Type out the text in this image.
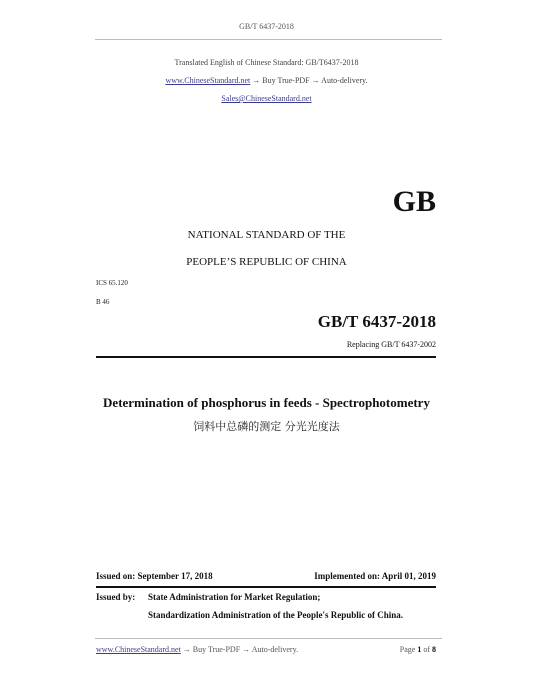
GB/T 6437-2018
Translated English of Chinese Standard: GB/T6437-2018
www.ChineseStandard.net → Buy True-PDF → Auto-delivery.
Sales@ChineseStandard.net
GB
NATIONAL STANDARD OF THE
PEOPLE’S REPUBLIC OF CHINA
ICS 65.120
B 46
GB/T 6437-2018
Replacing GB/T 6437-2002
Determination of phosphorus in feeds - Spectrophotometry
饲料中总磷的测定 分光光度法
Issued on: September 17, 2018	Implemented on: April 01, 2019
Issued by: State Administration for Market Regulation;
Standardization Administration of the People's Republic of China.
www.ChineseStandard.net → Buy True-PDF → Auto-delivery.	Page 1 of 8
